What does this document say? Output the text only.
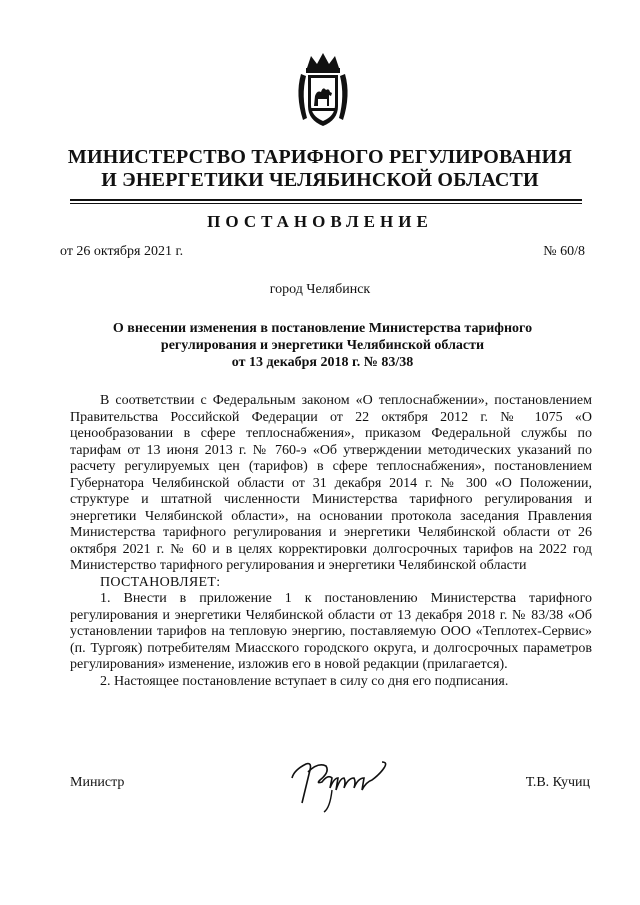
МИНИСТЕРСТВО ТАРИФНОГО РЕГУЛИРОВАНИЯ
И ЭНЕРГЕТИКИ ЧЕЛЯБИНСКОЙ ОБЛАСТИ
ПОСТАНОВЛЕНИЕ
от 26 октября 2021 г.	№ 60/8
город Челябинск
О внесении изменения в постановление Министерства тарифного
регулирования и энергетики Челябинской области
от 13 декабря 2018 г. № 83/38

В соответствии с Федеральным законом «О теплоснабжении», постановлением Правительства Российской Федерации от 22 октября 2012 г. № 1075 «О ценообразовании в сфере теплоснабжения», приказом Федеральной службы по тарифам от 13 июня 2013 г. № 760-э «Об утверждении методических указаний по расчету регулируемых цен (тарифов) в сфере теплоснабжения», постановлением Губернатора Челябинской области от 31 декабря 2014 г. № 300 «О Положении, структуре и штатной численности Министерства тарифного регулирования и энергетики Челябинской области», на основании протокола заседания Правления Министерства тарифного регулирования и энергетики Челябинской области от 26 октября 2021 г. № 60 и в целях корректировки долгосрочных тарифов на 2022 год Министерство тарифного регулирования и энергетики Челябинской области

ПОСТАНОВЛЯЕТ:

1. Внести в приложение 1 к постановлению Министерства тарифного регулирования и энергетики Челябинской области от 13 декабря 2018 г. № 83/38 «Об установлении тарифов на тепловую энергию, поставляемую ООО «Теплотех-Сервис» (п. Тургояк) потребителям Миасского городского округа, и долгосрочных параметров регулирования» изменение, изложив его в новой редакции (прилагается).

2. Настоящее постановление вступает в силу со дня его подписания.

Министр	Т.В. Кучиц
